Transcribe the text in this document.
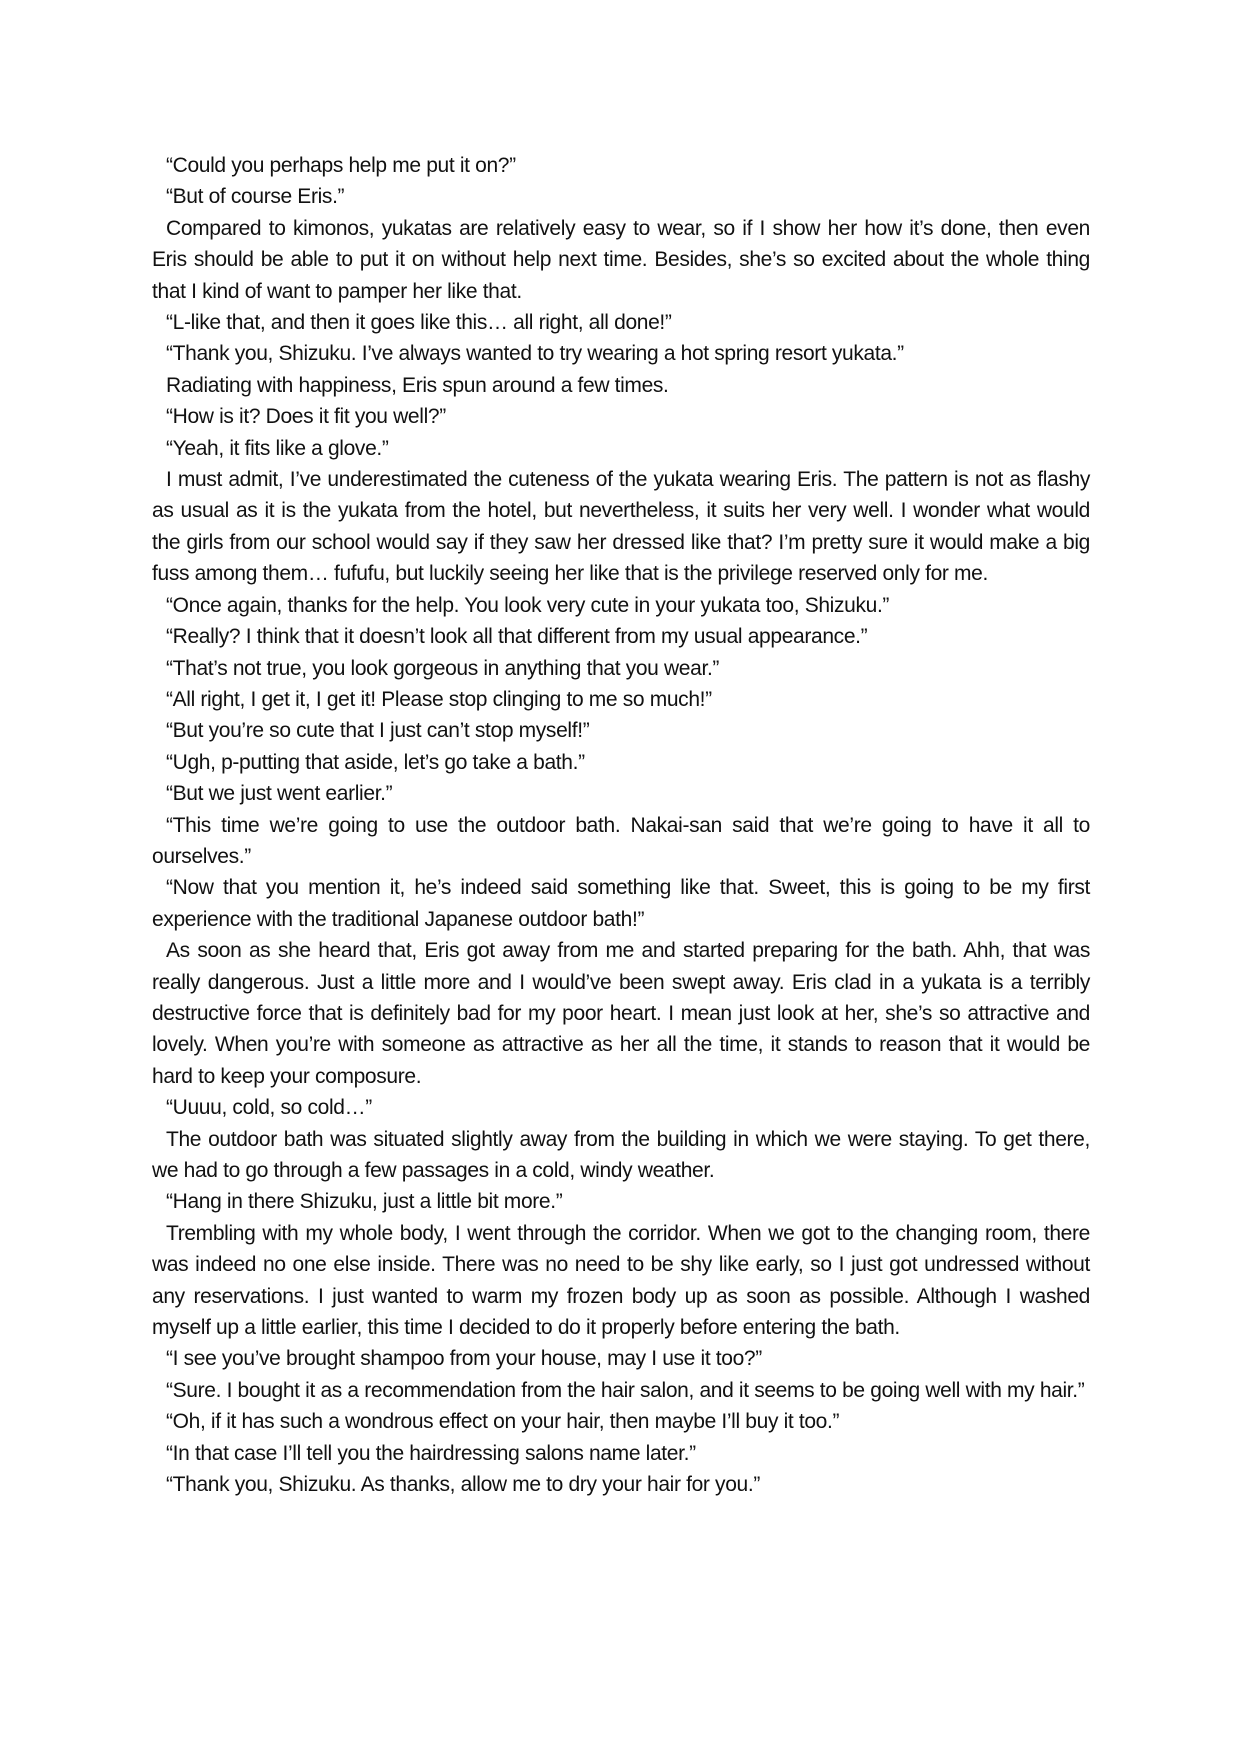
“Could you perhaps help me put it on?”

“But of course Eris.”

Compared to kimonos, yukatas are relatively easy to wear, so if I show her how it’s done, then even Eris should be able to put it on without help next time. Besides, she’s so excited about the whole thing that I kind of want to pamper her like that.

“L-like that, and then it goes like this… all right, all done!”

“Thank you, Shizuku. I’ve always wanted to try wearing a hot spring resort yukata.”

Radiating with happiness, Eris spun around a few times.

“How is it? Does it fit you well?”

“Yeah, it fits like a glove.”

I must admit, I’ve underestimated the cuteness of the yukata wearing Eris. The pattern is not as flashy as usual as it is the yukata from the hotel, but nevertheless, it suits her very well. I wonder what would the girls from our school would say if they saw her dressed like that? I’m pretty sure it would make a big fuss among them… fufufu, but luckily seeing her like that is the privilege reserved only for me.

“Once again, thanks for the help. You look very cute in your yukata too, Shizuku.”

“Really? I think that it doesn’t look all that different from my usual appearance.”

“That’s not true, you look gorgeous in anything that you wear.”

“All right, I get it, I get it! Please stop clinging to me so much!”

“But you’re so cute that I just can’t stop myself!”

“Ugh, p-putting that aside, let’s go take a bath.”

“But we just went earlier.”

“This time we’re going to use the outdoor bath. Nakai-san said that we’re going to have it all to ourselves.”

“Now that you mention it, he’s indeed said something like that. Sweet, this is going to be my first experience with the traditional Japanese outdoor bath!”

As soon as she heard that, Eris got away from me and started preparing for the bath. Ahh, that was really dangerous. Just a little more and I would’ve been swept away. Eris clad in a yukata is a terribly destructive force that is definitely bad for my poor heart. I mean just look at her, she’s so attractive and lovely. When you’re with someone as attractive as her all the time, it stands to reason that it would be hard to keep your composure.

“Uuuu, cold, so cold…”

The outdoor bath was situated slightly away from the building in which we were staying. To get there, we had to go through a few passages in a cold, windy weather.

“Hang in there Shizuku, just a little bit more.”

Trembling with my whole body, I went through the corridor. When we got to the changing room, there was indeed no one else inside. There was no need to be shy like early, so I just got undressed without any reservations. I just wanted to warm my frozen body up as soon as possible. Although I washed myself up a little earlier, this time I decided to do it properly before entering the bath.

“I see you’ve brought shampoo from your house, may I use it too?”

“Sure. I bought it as a recommendation from the hair salon, and it seems to be going well with my hair.”

“Oh, if it has such a wondrous effect on your hair, then maybe I’ll buy it too.”

“In that case I’ll tell you the hairdressing salons name later.”

“Thank you, Shizuku. As thanks, allow me to dry your hair for you.”
